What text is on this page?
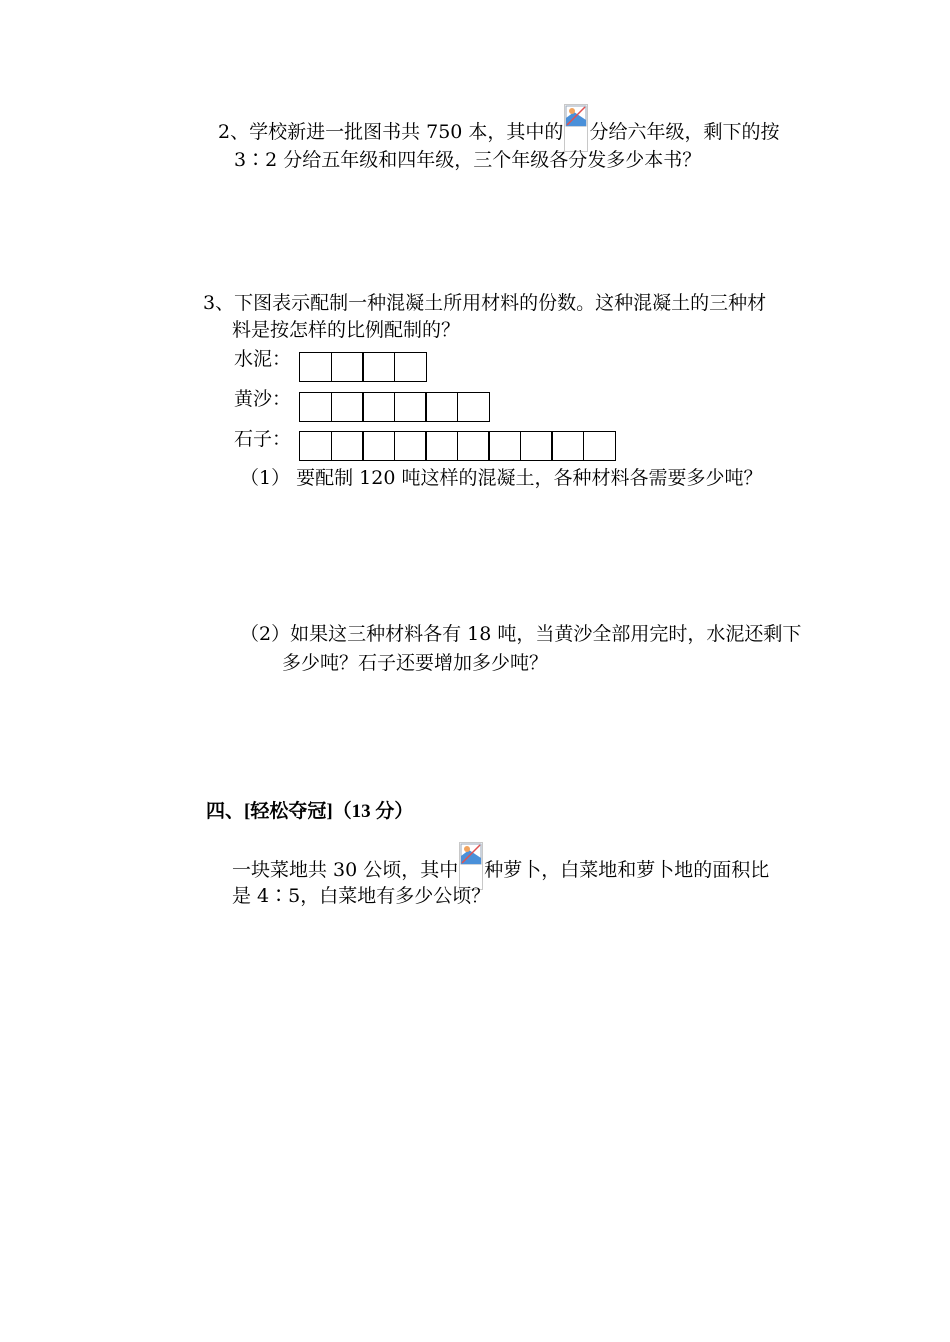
2、学校新进一批图书共 750 本，其中的 分给六年级，剩下的按
3∶2 分给五年级和四年级，三个年级各分发多少本书？
3、下图表示配制一种混凝土所用材料的份数。这种混凝土的三种材
料是按怎样的比例配制的？
水泥：
黄沙：
石子：
（1） 要配制 120 吨这样的混凝土，各种材料各需要多少吨？
（2）如果这三种材料各有 18 吨，当黄沙全部用完时，水泥还剩下
多少吨？石子还要增加多少吨？
四、[轻松夺冠]（13 分）
一块菜地共 30 公顷，其中 种萝卜，白菜地和萝卜地的面积比
是 4∶5，白菜地有多少公顷？
